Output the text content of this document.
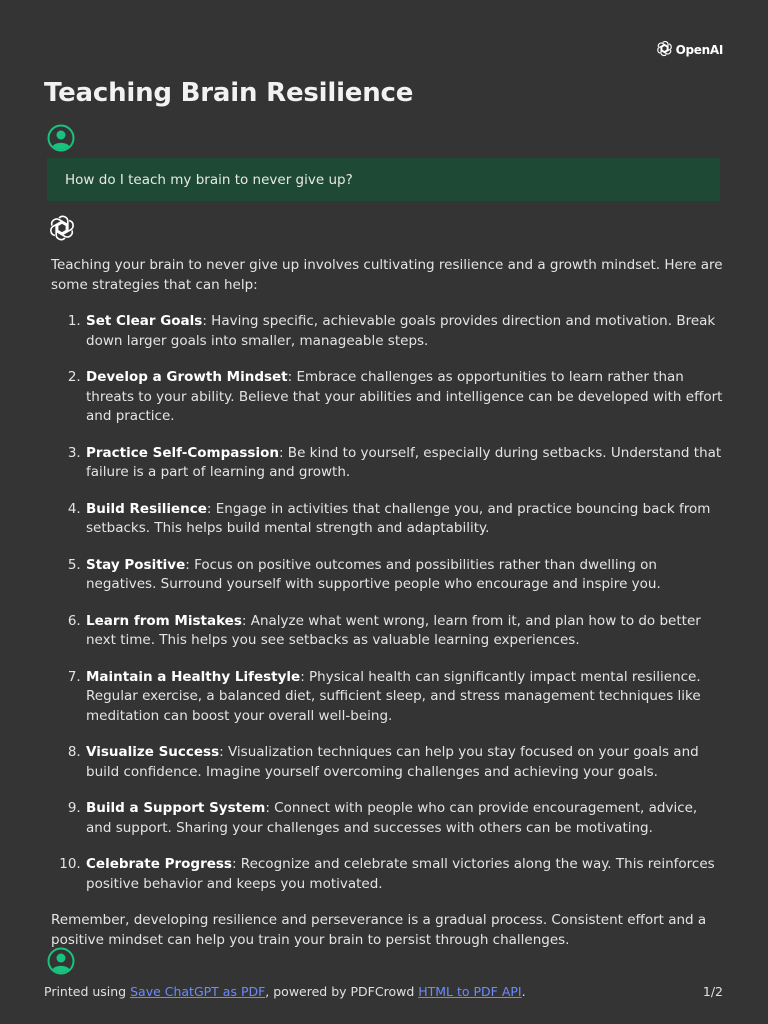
OpenAI
Teaching Brain Resilience
How do I teach my brain to never give up?

Teaching your brain to never give up involves cultivating resilience and a growth mindset. Here are some strategies that can help:

1. Set Clear Goals: Having specific, achievable goals provides direction and motivation. Break down larger goals into smaller, manageable steps.
2. Develop a Growth Mindset: Embrace challenges as opportunities to learn rather than threats to your ability. Believe that your abilities and intelligence can be developed with effort and practice.
3. Practice Self-Compassion: Be kind to yourself, especially during setbacks. Understand that failure is a part of learning and growth.
4. Build Resilience: Engage in activities that challenge you, and practice bouncing back from setbacks. This helps build mental strength and adaptability.
5. Stay Positive: Focus on positive outcomes and possibilities rather than dwelling on negatives. Surround yourself with supportive people who encourage and inspire you.
6. Learn from Mistakes: Analyze what went wrong, learn from it, and plan how to do better next time. This helps you see setbacks as valuable learning experiences.
7. Maintain a Healthy Lifestyle: Physical health can significantly impact mental resilience. Regular exercise, a balanced diet, sufficient sleep, and stress management techniques like meditation can boost your overall well-being.
8. Visualize Success: Visualization techniques can help you stay focused on your goals and build confidence. Imagine yourself overcoming challenges and achieving your goals.
9. Build a Support System: Connect with people who can provide encouragement, advice, and support. Sharing your challenges and successes with others can be motivating.
10. Celebrate Progress: Recognize and celebrate small victories along the way. This reinforces positive behavior and keeps you motivated.

Remember, developing resilience and perseverance is a gradual process. Consistent effort and a positive mindset can help you train your brain to persist through challenges.

Printed using Save ChatGPT as PDF, powered by PDFCrowd HTML to PDF API.	1/2
